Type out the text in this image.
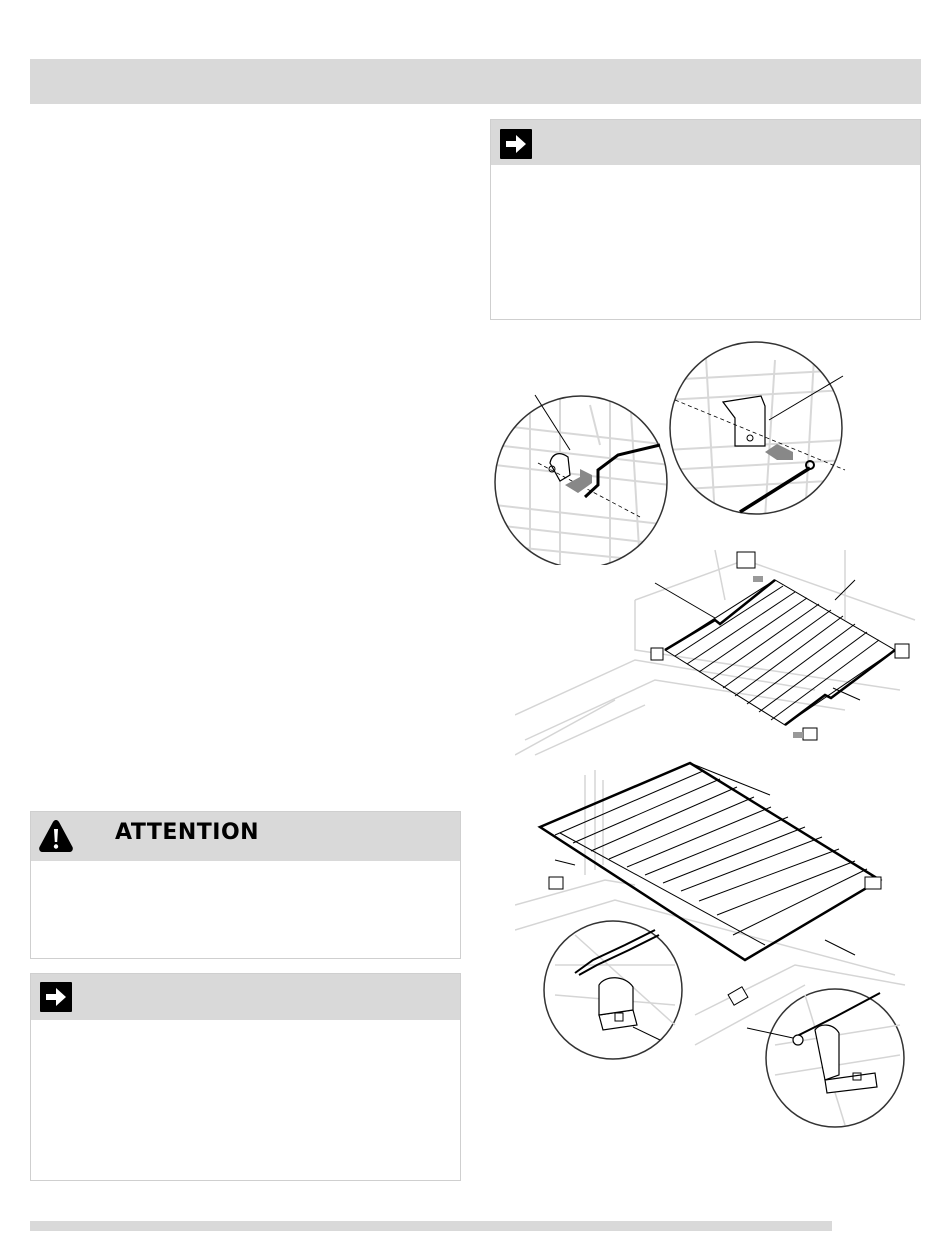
ATTENTION
